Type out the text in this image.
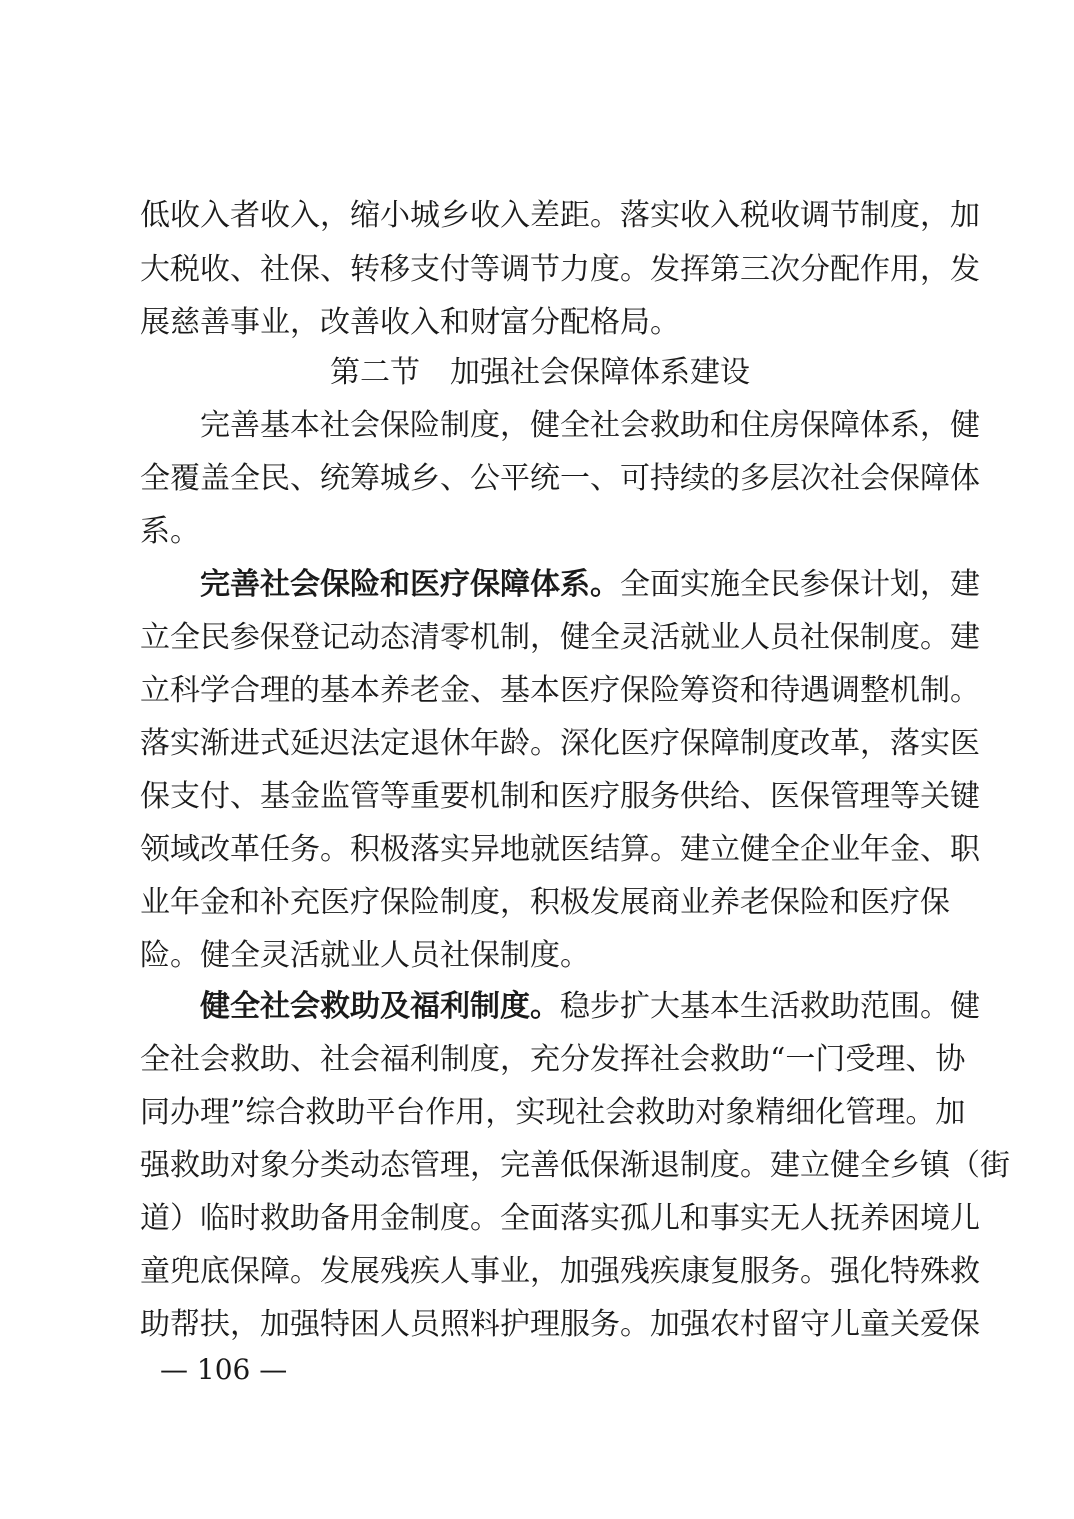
低收入者收入，缩小城乡收入差距。落实收入税收调节制度，加
大税收、社保、转移支付等调节力度。发挥第三次分配作用，发
展慈善事业，改善收入和财富分配格局。
第二节　加强社会保障体系建设
完善基本社会保险制度，健全社会救助和住房保障体系，健
全覆盖全民、统筹城乡、公平统一、可持续的多层次社会保障体
系。
完善社会保险和医疗保障体系。全面实施全民参保计划，建
立全民参保登记动态清零机制，健全灵活就业人员社保制度。建
立科学合理的基本养老金、基本医疗保险筹资和待遇调整机制。
落实渐进式延迟法定退休年龄。深化医疗保障制度改革，落实医
保支付、基金监管等重要机制和医疗服务供给、医保管理等关键
领域改革任务。积极落实异地就医结算。建立健全企业年金、职
业年金和补充医疗保险制度，积极发展商业养老保险和医疗保
险。健全灵活就业人员社保制度。
健全社会救助及福利制度。稳步扩大基本生活救助范围。健
全社会救助、社会福利制度，充分发挥社会救助“一门受理、协
同办理”综合救助平台作用，实现社会救助对象精细化管理。加
强救助对象分类动态管理，完善低保渐退制度。建立健全乡镇（街
道）临时救助备用金制度。全面落实孤儿和事实无人抚养困境儿
童兜底保障。发展残疾人事业，加强残疾康复服务。强化特殊救
助帮扶，加强特困人员照料护理服务。加强农村留守儿童关爱保
— 106 —
